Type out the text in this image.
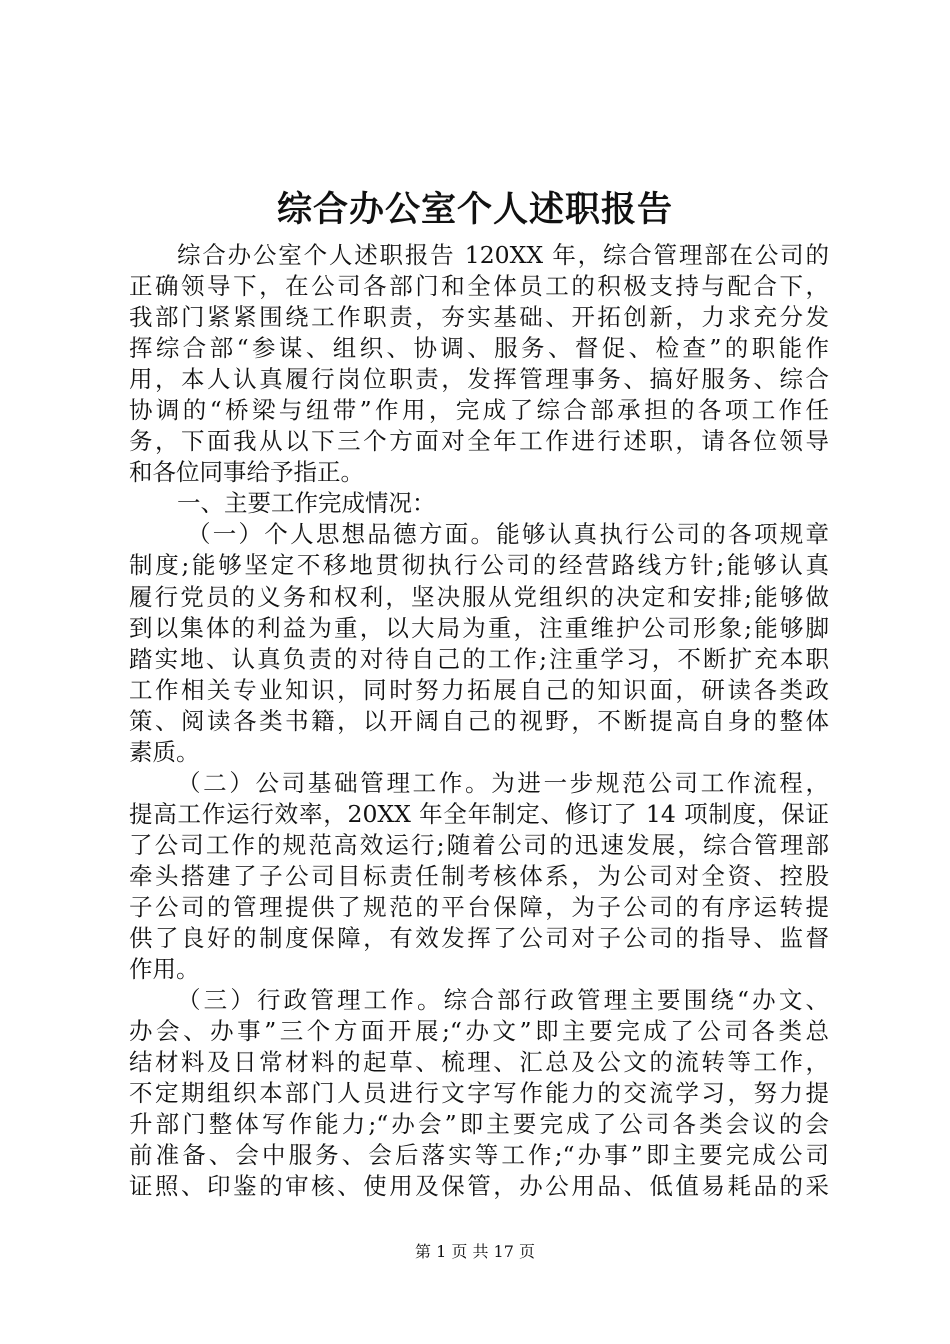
综合办公室个人述职报告
综合办公室个人述职报告 120XX 年，综合管理部在公司的
正确领导下，在公司各部门和全体员工的积极支持与配合下，
我部门紧紧围绕工作职责，夯实基础、开拓创新，力求充分发
挥综合部“参谋、组织、协调、服务、督促、检查”的职能作
用，本人认真履行岗位职责，发挥管理事务、搞好服务、综合
协调的“桥梁与纽带”作用，完成了综合部承担的各项工作任
务，下面我从以下三个方面对全年工作进行述职，请各位领导
和各位同事给予指正。
一、主要工作完成情况：
（一）个人思想品德方面。能够认真执行公司的各项规章
制度;能够坚定不移地贯彻执行公司的经营路线方针;能够认真
履行党员的义务和权利，坚决服从党组织的决定和安排;能够做
到以集体的利益为重，以大局为重，注重维护公司形象;能够脚
踏实地、认真负责的对待自己的工作;注重学习，不断扩充本职
工作相关专业知识，同时努力拓展自己的知识面，研读各类政
策、阅读各类书籍，以开阔自己的视野，不断提高自身的整体
素质。
（二）公司基础管理工作。为进一步规范公司工作流程，
提高工作运行效率，20XX 年全年制定、修订了 14 项制度，保证
了公司工作的规范高效运行;随着公司的迅速发展，综合管理部
牵头搭建了子公司目标责任制考核体系，为公司对全资、控股
子公司的管理提供了规范的平台保障，为子公司的有序运转提
供了良好的制度保障，有效发挥了公司对子公司的指导、监督
作用。
（三）行政管理工作。综合部行政管理主要围绕“办文、
办会、办事”三个方面开展;“办文”即主要完成了公司各类总
结材料及日常材料的起草、梳理、汇总及公文的流转等工作，
不定期组织本部门人员进行文字写作能力的交流学习，努力提
升部门整体写作能力;“办会”即主要完成了公司各类会议的会
前准备、会中服务、会后落实等工作;“办事”即主要完成公司
证照、印鉴的审核、使用及保管，办公用品、低值易耗品的采
第 1 页 共 17 页
